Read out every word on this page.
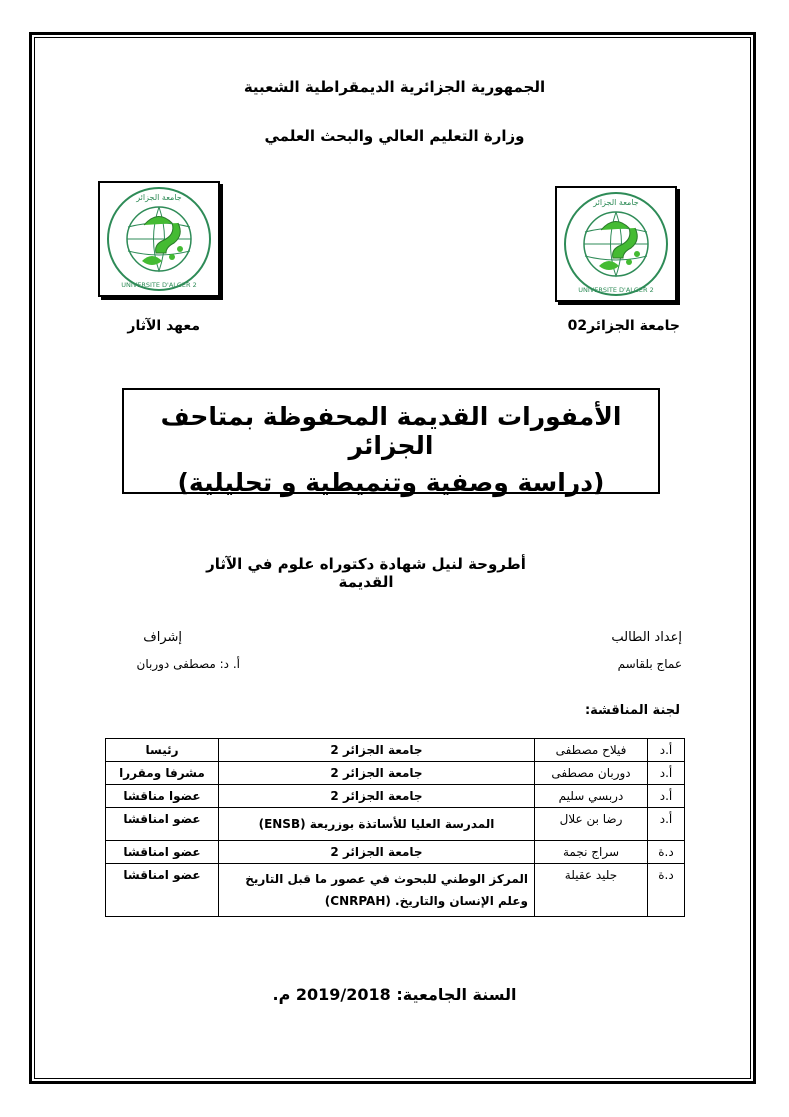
الجمهورية الجزائرية الديمقراطية الشعبية
وزارة التعليم العالي والبحث العلمي
جامعة الجزائر
UNIVERSITE D'ALGER 2
جامعة الجزائر
UNIVERSITE D'ALGER 2
جامعة الجزائر02
معهد الآثار
الأمفورات القديمة المحفوظة بمتاحف الجزائر
(دراسة وصفية وتنميطية و تحليلية)
أطروحة لنيل شهادة دكتوراه علوم في الآثار القديمة
إعداد الطالب
عماج بلقاسم
إشراف
أ. د: مصطفى دوربان
لجنة المناقشة:
أ.د	فيلاح مصطفى	جامعة الجزائر 2	رئيسا
أ.د	دوربان مصطفى	جامعة الجزائر 2	مشرفا ومقررا
أ.د	دربسي سليم	جامعة الجزائر 2	عضوا مناقشا
أ.د	رضا بن علال	المدرسة العليا للأساتذة بوزريعة (ENSB)	عضو امناقشا
د.ة	سراج نجمة	جامعة الجزائر 2	عضو امناقشا
د.ة	جليد عقيلة	المركز الوطني للبحوث في عصور ما قبل التاريخ وعلم الإنسان والتاريخ. (CNRPAH)	عضو امناقشا
السنة الجامعية: 2019/2018 م.
